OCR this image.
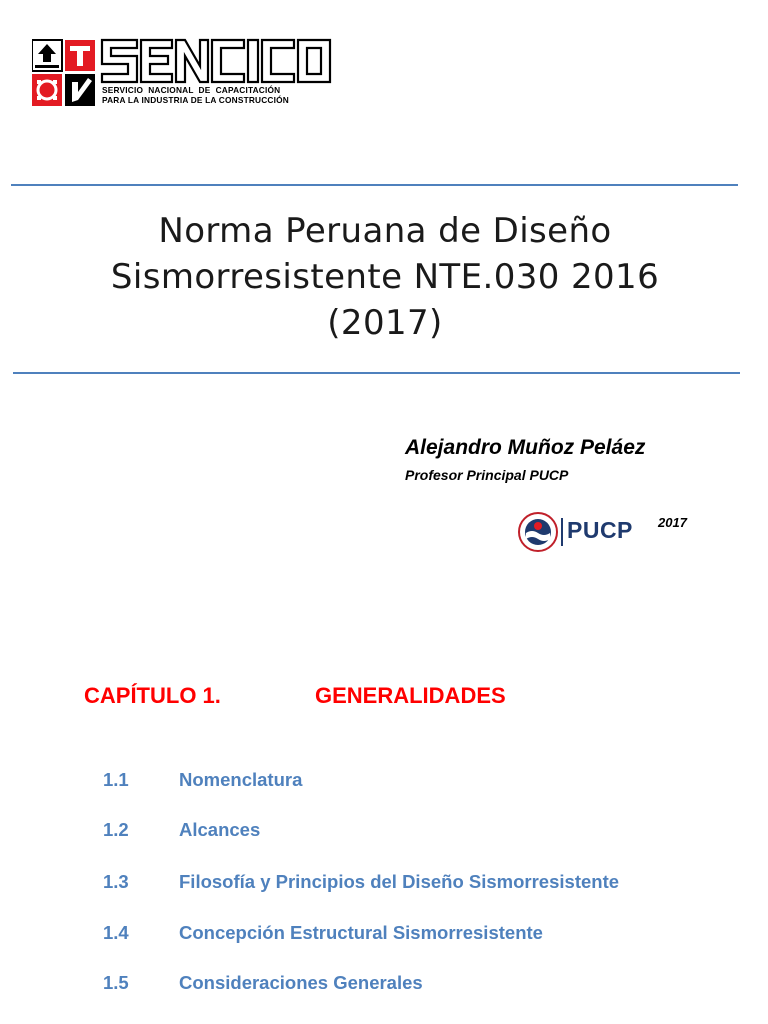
SERVICIO NACIONAL DE CAPACITACIÓN
PARA LA INDUSTRIA DE LA CONSTRUCCIÓN
Norma Peruana de Diseño
Sismorresistente NTE.030 2016
(2017)
Alejandro Muñoz Peláez
Profesor Principal PUCP
PUCP 2017
CAPÍTULO 1.	GENERALIDADES
1.1	Nomenclatura
1.2	Alcances
1.3	Filosofía y Principios del Diseño Sismorresistente
1.4	Concepción Estructural Sismorresistente
1.5	Consideraciones Generales
